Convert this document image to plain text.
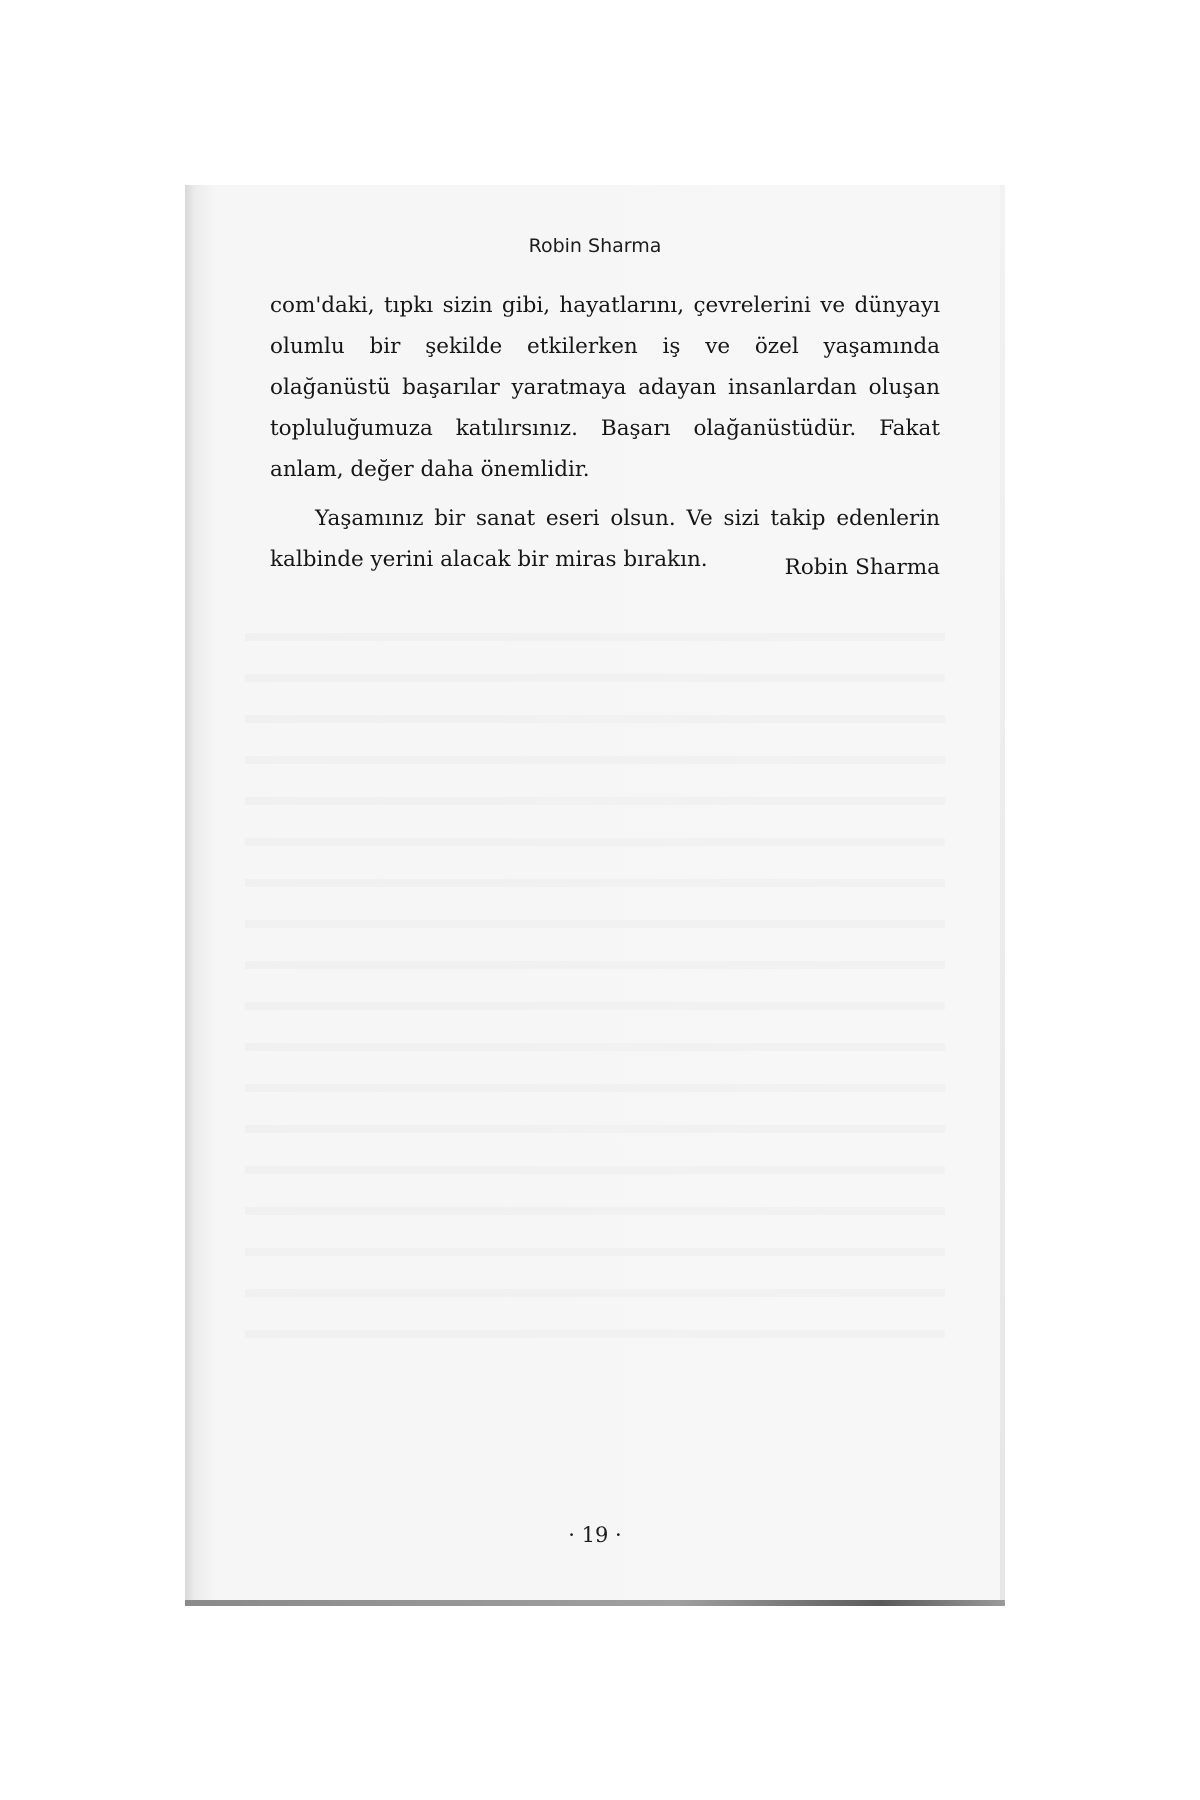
Robin Sharma

com'daki, tıpkı sizin gibi, hayatlarını, çevrelerini ve dünyayı olumlu bir şekilde etkilerken iş ve özel yaşamında olağanüstü başarılar yaratmaya adayan insanlardan oluşan topluluğumuza katılırsınız. Başarı olağanüstüdür. Fakat anlam, değer daha önemlidir.

Yaşamınız bir sanat eseri olsun. Ve sizi takip edenlerin kalbinde yerini alacak bir miras bırakın.	Robin Sharma
· 19 ·
